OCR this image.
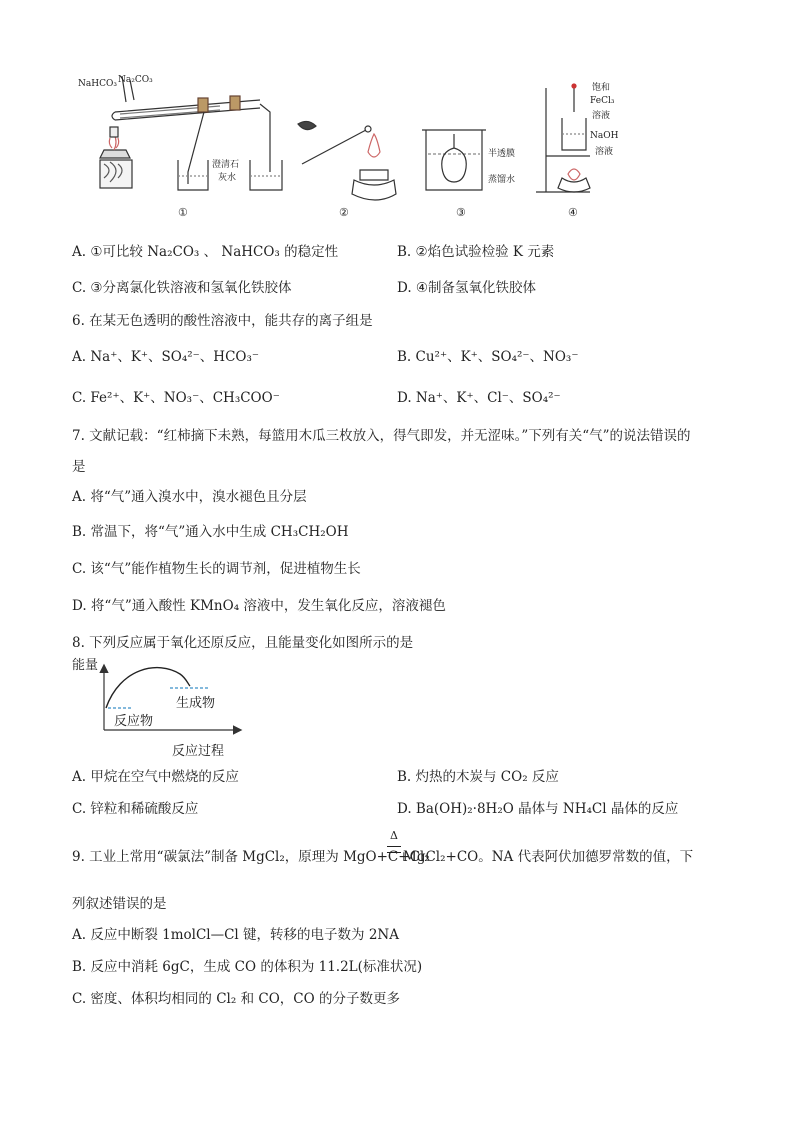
NaHCO₃ Na₂CO₃
澄清石
灰水
半透膜
蒸馏水
饱和
FeCl₃
溶液
NaOH
溶液
①	②	③	④
A. ①可比较 Na₂CO₃ 、 NaHCO₃ 的稳定性	B. ②焰色试验检验 K 元素
C. ③分离氯化铁溶液和氢氧化铁胶体	D. ④制备氢氧化铁胶体
6. 在某无色透明的酸性溶液中，能共存的离子组是
A. Na⁺、K⁺、SO₄²⁻、HCO₃⁻	B. Cu²⁺、K⁺、SO₄²⁻、NO₃⁻
C. Fe²⁺、K⁺、NO₃⁻、CH₃COO⁻	D. Na⁺、K⁺、Cl⁻、SO₄²⁻
7. 文献记载：“红柿摘下未熟，每篮用木瓜三枚放入，得气即发，并无涩味。”下列有关“气”的说法错误的
是
A. 将“气”通入溴水中，溴水褪色且分层
B. 常温下，将“气”通入水中生成 CH₃CH₂OH
C. 该“气”能作植物生长的调节剂，促进植物生长
D. 将“气”通入酸性 KMnO₄ 溶液中，发生氧化反应，溶液褪色
8. 下列反应属于氧化还原反应，且能量变化如图所示的是
能量
反应物
生成物
反应过程
A. 甲烷在空气中燃烧的反应	B. 灼热的木炭与 CO₂ 反应
C. 锌粒和稀硫酸反应	D. Ba(OH)₂·8H₂O 晶体与 NH₄Cl 晶体的反应
9. 工业上常用“碳氯法”制备 MgCl₂，原理为 MgO+C+Cl₂
Δ
MgCl₂+CO。NA 代表阿伏加德罗常数的值，下
列叙述错误的是
A. 反应中断裂 1molCl—Cl 键，转移的电子数为 2NA
B. 反应中消耗 6gC，生成 CO 的体积为 11.2L(标准状况)
C. 密度、体积均相同的 Cl₂ 和 CO，CO 的分子数更多
